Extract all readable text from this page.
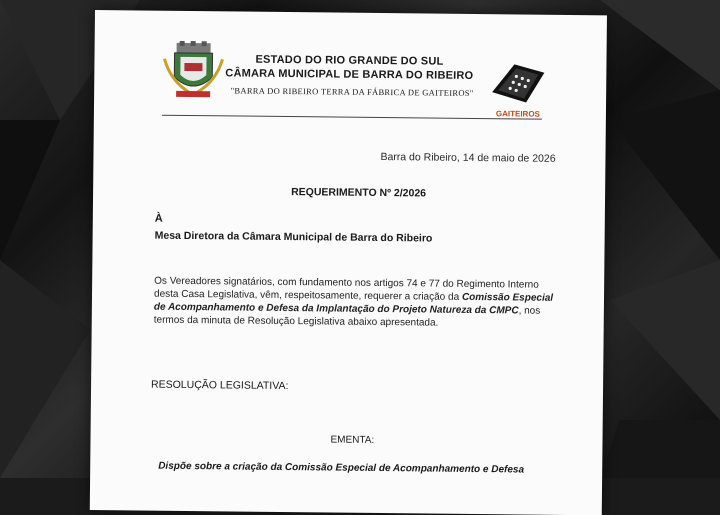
ESTADO DO RIO GRANDE DO SUL
CÂMARA MUNICIPAL DE BARRA DO RIBEIRO
"BARRA DO RIBEIRO TERRA DA FÁBRICA DE GAITEIROS"
GAITEIROS
Barra do Ribeiro, 14 de maio de 2026
REQUERIMENTO Nº 2/2026
À
Mesa Diretora da Câmara Municipal de Barra do Ribeiro
Os Vereadores signatários, com fundamento nos artigos 74 e 77 do Regimento Interno desta Casa Legislativa, vêm, respeitosamente, requerer a criação da Comissão Especial de Acompanhamento e Defesa da Implantação do Projeto Natureza da CMPC, nos termos da minuta de Resolução Legislativa abaixo apresentada.
RESOLUÇÃO LEGISLATIVA:
EMENTA:
Dispõe sobre a criação da Comissão Especial de Acompanhamento e Defesa
